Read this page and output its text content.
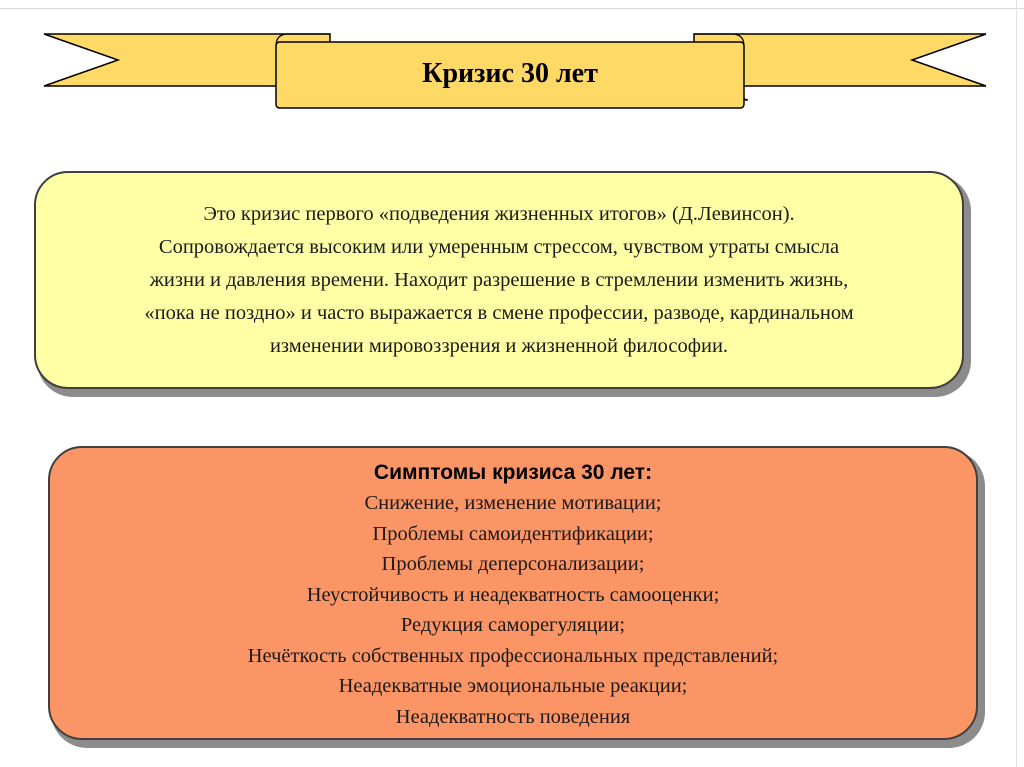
Кризис 30 лет
Это кризис первого «подведения жизненных итогов» (Д.Левинсон).
Сопровождается высоким или умеренным стрессом, чувством утраты смысла
жизни и давления времени. Находит разрешение в стремлении изменить жизнь,
«пока не поздно» и часто выражается в смене профессии, разводе, кардинальном
изменении мировоззрения и жизненной философии.
Симптомы кризиса 30 лет:
Снижение, изменение мотивации;
Проблемы самоидентификации;
Проблемы деперсонализации;
Неустойчивость и неадекватность самооценки;
Редукция саморегуляции;
Нечёткость собственных профессиональных представлений;
Неадекватные эмоциональные реакции;
Неадекватность поведения
